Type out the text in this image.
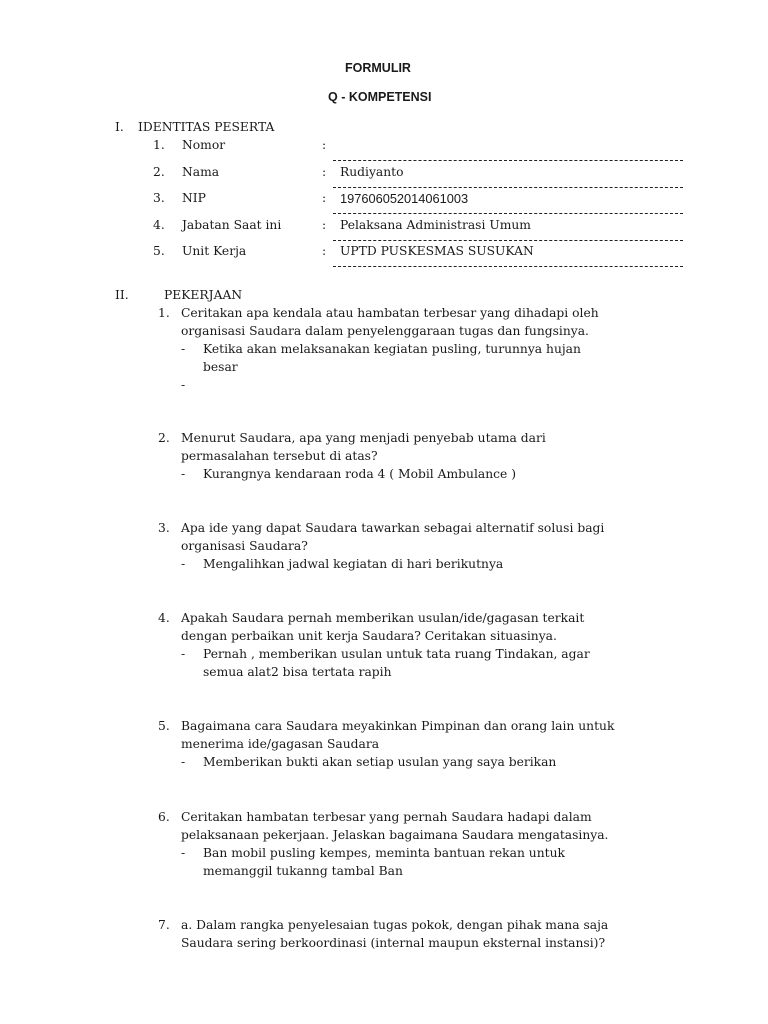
FORMULIR
Q - KOMPETENSI
I. IDENTITAS PESERTA
1. Nomor	:
2. Nama	: Rudiyanto
3. NIP	: 197606052014061003
4. Jabatan Saat ini	: Pelaksana Administrasi Umum
5. Unit Kerja	: UPTD PUSKESMAS SUSUKAN
II.	PEKERJAAN
1. Ceritakan apa kendala atau hambatan terbesar yang dihadapi oleh
organisasi Saudara dalam penyelenggaraan tugas dan fungsinya.
- Ketika akan melaksanakan kegiatan pusling, turunnya hujan
besar
-
2. Menurut Saudara, apa yang menjadi penyebab utama dari
permasalahan tersebut di atas?
- Kurangnya kendaraan roda 4 ( Mobil Ambulance )
3. Apa ide yang dapat Saudara tawarkan sebagai alternatif solusi bagi
organisasi Saudara?
- Mengalihkan jadwal kegiatan di hari berikutnya
4. Apakah Saudara pernah memberikan usulan/ide/gagasan terkait
dengan perbaikan unit kerja Saudara? Ceritakan situasinya.
- Pernah , memberikan usulan untuk tata ruang Tindakan, agar
semua alat2 bisa tertata rapih
5. Bagaimana cara Saudara meyakinkan Pimpinan dan orang lain untuk
menerima ide/gagasan Saudara
- Memberikan bukti akan setiap usulan yang saya berikan
6. Ceritakan hambatan terbesar yang pernah Saudara hadapi dalam
pelaksanaan pekerjaan. Jelaskan bagaimana Saudara mengatasinya.
- Ban mobil pusling kempes, meminta bantuan rekan untuk
memanggil tukanng tambal Ban
7. a. Dalam rangka penyelesaian tugas pokok, dengan pihak mana saja
Saudara sering berkoordinasi (internal maupun eksternal instansi)?
